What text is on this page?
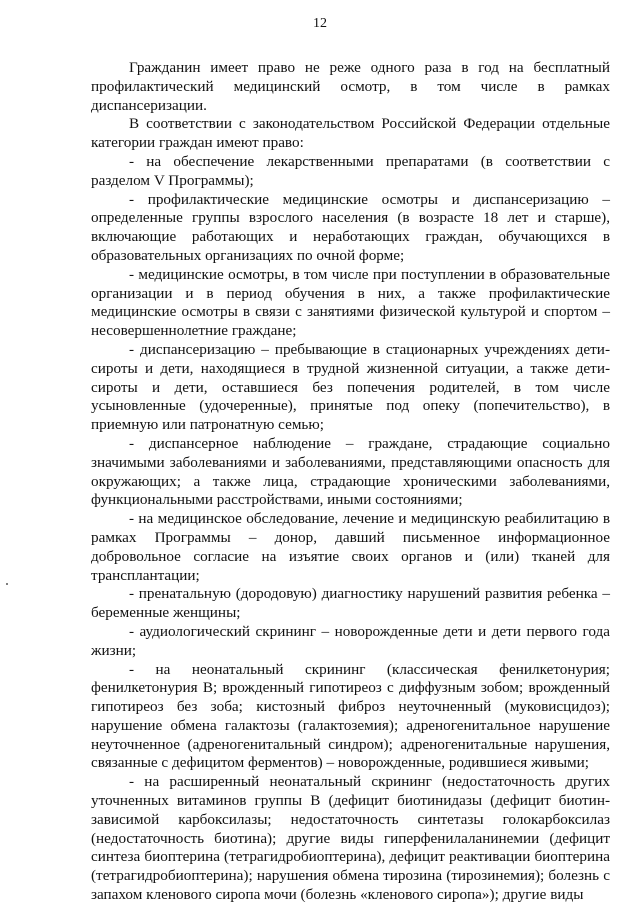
12

Гражданин имеет право не реже одного раза в год на бесплатный профилактический медицинский осмотр, в том числе в рамках диспансеризации.

В соответствии с законодательством Российской Федерации отдельные категории граждан имеют право:

- на обеспечение лекарственными препаратами (в соответствии с разделом V Программы);

- профилактические медицинские осмотры и диспансеризацию – определенные группы взрослого населения (в возрасте 18 лет и старше), включающие работающих и неработающих граждан, обучающихся в образовательных организациях по очной форме;

- медицинские осмотры, в том числе при поступлении в образовательные организации и в период обучения в них, а также профилактические медицинские осмотры в связи с занятиями физической культурой и спортом – несовершеннолетние граждане;

- диспансеризацию – пребывающие в стационарных учреждениях дети-сироты и дети, находящиеся в трудной жизненной ситуации, а также дети-сироты и дети, оставшиеся без попечения родителей, в том числе усыновленные (удочеренные), принятые под опеку (попечительство), в приемную или патронатную семью;

- диспансерное наблюдение – граждане, страдающие социально значимыми заболеваниями и заболеваниями, представляющими опасность для окружающих; а также лица, страдающие хроническими заболеваниями, функциональными расстройствами, иными состояниями;

- на медицинское обследование, лечение и медицинскую реабилитацию в рамках Программы – донор, давший письменное информационное добровольное согласие на изъятие своих органов и (или) тканей для трансплантации;

- пренатальную (дородовую) диагностику нарушений развития ребенка – беременные женщины;

- аудиологический скрининг – новорожденные дети и дети первого года жизни;

- на неонатальный скрининг (классическая фенилкетонурия; фенилкетонурия B; врожденный гипотиреоз с диффузным зобом; врожденный гипотиреоз без зоба; кистозный фиброз неуточненный (муковисцидоз); нарушение обмена галактозы (галактоземия); адреногенитальное нарушение неуточненное (адреногенитальный синдром); адреногенитальные нарушения, связанные с дефицитом ферментов) – новорожденные, родившиеся живыми;

- на расширенный неонатальный скрининг (недостаточность других уточненных витаминов группы B (дефицит биотинидазы (дефицит биотин-зависимой карбоксилазы; недостаточность синтетазы голокарбоксилаз (недостаточность биотина); другие виды гиперфенилаланинемии (дефицит синтеза биоптерина (тетрагидробиоптерина), дефицит реактивации биоптерина (тетрагидробиоптерина); нарушения обмена тирозина (тирозинемия); болезнь с запахом кленового сиропа мочи (болезнь «кленового сиропа»); другие виды
